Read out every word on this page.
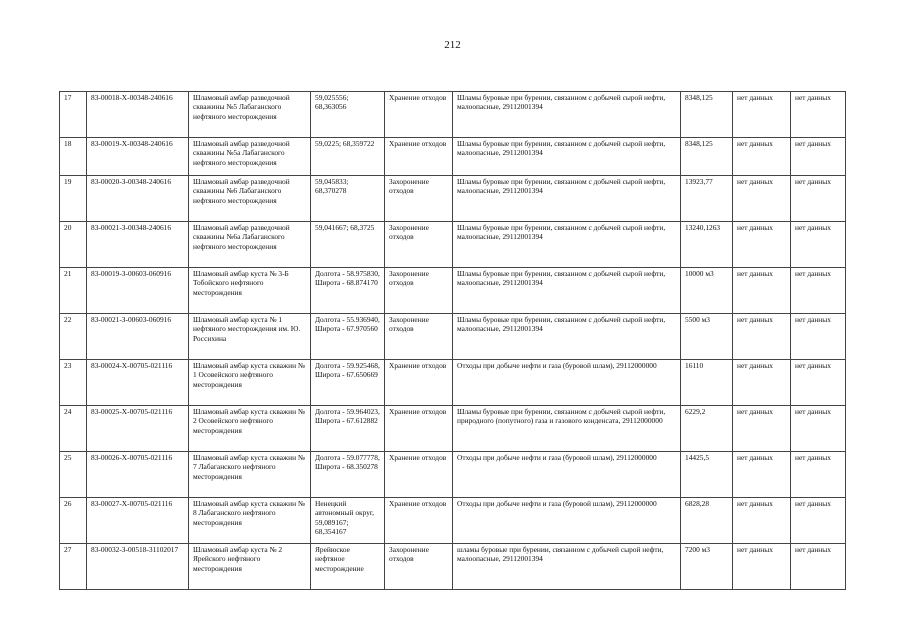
212
17	83-00018-Х-00348-240616	Шламовый амбар разведочной скважины №5 Лабаганского нефтяного месторождения	59,025556; 68,363056	Хранение отходов	Шламы буровые при бурении, связанном с добычей сырой нефти, малоопасные, 29112001394	8348,125	нет данных	нет данных
18	83-00019-Х-00348-240616	Шламовый амбар разведочной скважины №5а Лабаганского нефтяного месторождения	59,0225; 68,359722	Хранение отходов	Шламы буровые при бурении, связанном с добычей сырой нефти, малоопасные, 29112001394	8348,125	нет данных	нет данных
19	83-00020-З-00348-240616	Шламовый амбар разведочной скважины №6 Лабаганского нефтяного месторождения	59,045833; 68,370278	Захоронение отходов	Шламы буровые при бурении, связанном с добычей сырой нефти, малоопасные, 29112001394	13923,77	нет данных	нет данных
20	83-00021-З-00348-240616	Шламовый амбар разведочной скважины №6а Лабаганского нефтяного месторождения	59,041667; 68,3725	Захоронение отходов	Шламы буровые при бурении, связанном с добычей сырой нефти, малоопасные, 29112001394	13240,1263	нет данных	нет данных
21	83-00019-З-00603-060916	Шламовый амбар куста № 3-Б Тобойского нефтяного месторождения	Долгота - 58.975830, Широта - 68.874170	Захоронение отходов	Шламы буровые при бурении, связанном с добычей сырой нефти, малоопасные, 29112001394	10000 м3	нет данных	нет данных
22	83-00021-З-00603-060916	Шламовый амбар куста № 1 нефтяного месторождения им. Ю. Россихина	Долгота - 55.936940, Широта - 67.970560	Захоронение отходов	Шламы буровые при бурении, связанном с добычей сырой нефти, малоопасные, 29112001394	5500 м3	нет данных	нет данных
23	83-00024-Х-00705-021116	Шламовый амбар куста скважин № 1 Осовейского нефтяного месторождения	Долгота - 59.925468, Широта - 67.650669	Хранение отходов	Отходы при добыче нефти и газа (буровой шлам), 29112000000	16110	нет данных	нет данных
24	83-00025-Х-00705-021116	Шламовый амбар куста скважин № 2 Осовейского нефтяного месторождения	Долгота - 59.964023, Широта - 67.612882	Хранение отходов	Шламы буровые при бурении, связанном с добычей сырой нефти, природного (попутного) газа и газового конденсата, 29112000000	6229,2	нет данных	нет данных
25	83-00026-Х-00705-021116	Шламовый амбар куста скважин № 7 Лабаганского нефтяного месторождения	Долгота - 59.077778, Широта - 68.350278	Хранение отходов	Отходы при добыче нефти и газа (буровой шлам), 29112000000	14425,5	нет данных	нет данных
26	83-00027-Х-00705-021116	Шламовый амбар куста скважин № 8 Лабаганского нефтяного месторождения	Ненецкий автономный округ, 59,089167; 68,354167	Хранение отходов	Отходы при добыче нефти и газа (буровой шлам), 29112000000	6828,28	нет данных	нет данных
27	83-00032-З-00518-31102017	Шламовый амбар куста № 2 Ярейского нефтяного месторождения	Ярейюское нефтяное месторождение	Захоронение отходов	шламы буровые при бурении, связанном с добычей сырой нефти, малоопасные, 29112001394	7200 м3	нет данных	нет данных
